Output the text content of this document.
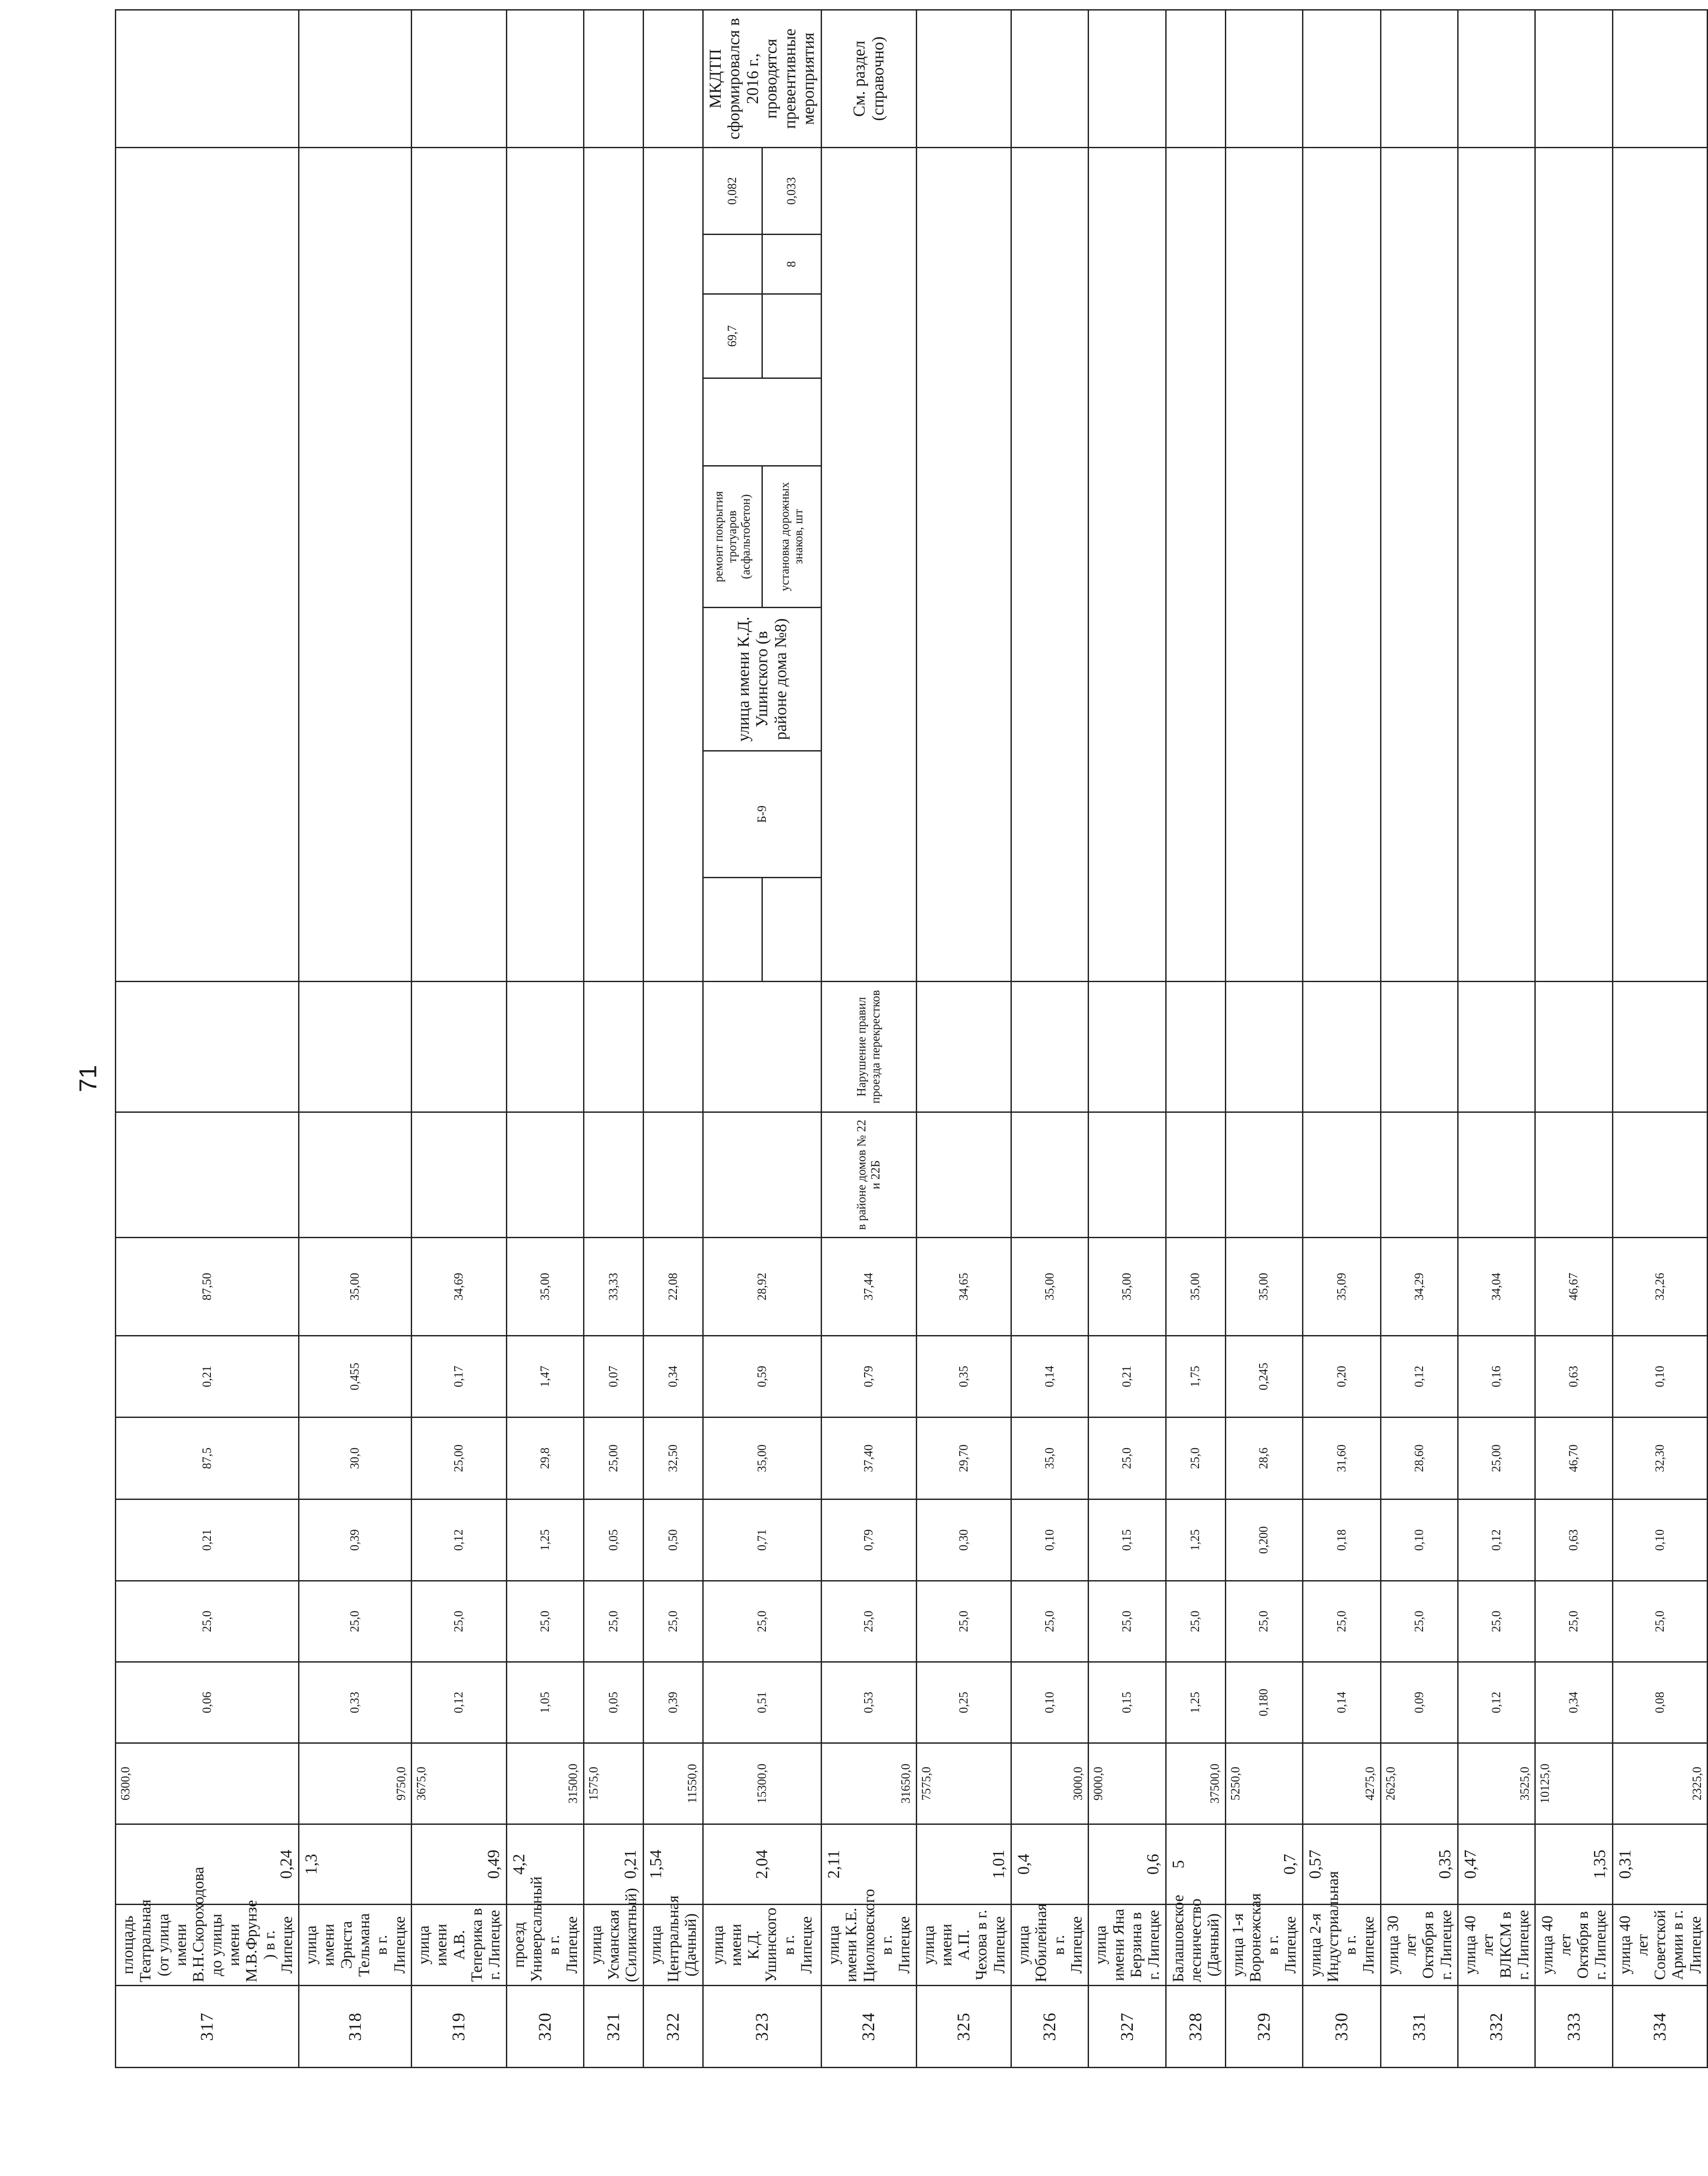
71
317	площадь Театральная (от улица имени В.Н.Скороходова до улицы имени М.В.Фрунзе ) в г. Липецке	0,24	6300,0	0,06	25,0	0,21	87,5	0,21	87,50											
318	улица имени Эрнста Тельмана в г. Липецке	1,3	9750,0	0,33	25,0	0,39	30,0	0,455	35,00											
319	улица имени А.В. Теперика в г. Липецке	0,49	3675,0	0,12	25,0	0,12	25,00	0,17	34,69											
320	проезд Универсальный в г. Липецке	4,2	31500,0	1,05	25,0	1,25	29,8	1,47	35,00											
321	улица Усманская (Силикатный)	0,21	1575,0	0,05	25,0	0,05	25,00	0,07	33,33											
322	улица Центральная (Дачный)	1,54	11550,0	0,39	25,0	0,50	32,50	0,34	22,08											
323	улица имени К.Д. Ушинского в г. Липецке	2,04	15300,0	0,51	25,0	0,71	35,00	0,59	28,92				Б-9	улица имени К.Д. Ушинского (в районе дома №8)	ремонт покрытия тротуаров (асфальтобетон)		69,7		0,082	МКДТП сформировался в 2016 г., проводятся превентивные мероприятия
															установка дорожных знаков, шт			8	0,033	
324	улица имени К.Е. Циолковского в г. Липецке	2,11	31650,0	0,53	25,0	0,79	37,40	0,79	37,44	в районе домов № 22 и 22Б	Нарушение правил проезда перекрестков									См. раздел (справочно)
325	улица имени А.П. Чехова в г. Липецке	1,01	7575,0	0,25	25,0	0,30	29,70	0,35	34,65											
326	улица Юбилейная в г. Липецке	0,4	3000,0	0,10	25,0	0,10	35,0	0,14	35,00											
327	улица имени Яна Берзина в г. Липецке	0,6	9000,0	0,15	25,0	0,15	25,0	0,21	35,00											
328	Балашовское лесничество (Дачный)	5	37500,0	1,25	25,0	1,25	25,0	1,75	35,00											
329	улица 1-я Воронежская в г. Липецке	0,7	5250,0	0,180	25,0	0,200	28,6	0,245	35,00											
330	улица 2-я Индустриальная в г. Липецке	0,57	4275,0	0,14	25,0	0,18	31,60	0,20	35,09											
331	улица 30 лет Октября в г. Липецке	0,35	2625,0	0,09	25,0	0,10	28,60	0,12	34,29											
332	улица 40 лет ВЛКСМ в г. Липецке	0,47	3525,0	0,12	25,0	0,12	25,00	0,16	34,04											
333	улица 40 лет Октября в г. Липецке	1,35	10125,0	0,34	25,0	0,63	46,70	0,63	46,67											
334	улица 40 лет Советской Армии в г. Липецке	0,31	2325,0	0,08	25,0	0,10	32,30	0,10	32,26											
